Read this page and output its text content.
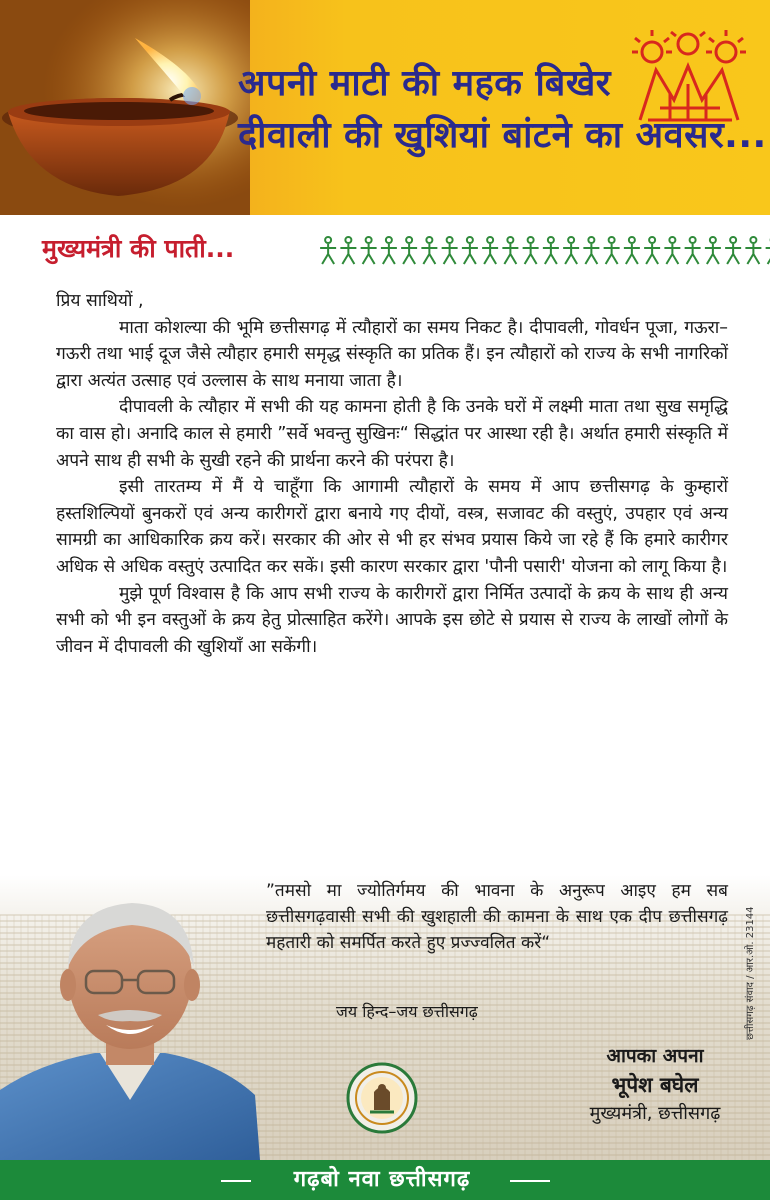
अपनी माटी की महक बिखेर
दीवाली की खुशियां बांटने का अवसर...
मुख्यमंत्री की पाती...

प्रिय साथियों ,

माता कोशल्या की भूमि छत्तीसगढ़ में त्यौहारों का समय निकट है। दीपावली, गोवर्धन पूजा, गऊरा–गऊरी तथा भाई दूज जैसे त्यौहार हमारी समृद्ध संस्कृति का प्रतिक हैं। इन त्यौहारों को राज्य के सभी नागरिकों द्वारा अत्यंत उत्साह एवं उल्लास के साथ मनाया जाता है।

दीपावली के त्यौहार में सभी की यह कामना होती है कि उनके घरों में लक्ष्मी माता तथा सुख समृद्धि का वास हो। अनादि काल से हमारी ”सर्वे भवन्तु सुखिनः“ सिद्धांत पर आस्था रही है। अर्थात हमारी संस्कृति में अपने साथ ही सभी के सुखी रहने की प्रार्थना करने की परंपरा है।

इसी तारतम्य में मैं ये चाहूँगा कि आगामी त्यौहारों के समय में आप छत्तीसगढ़ के कुम्हारों हस्तशिल्पियों बुनकरों एवं अन्य कारीगरों द्वारा बनाये गए दीयों, वस्त्र, सजावट की वस्तुएं, उपहार एवं अन्य सामग्री का आधिकारिक क्रय करें। सरकार की ओर से भी हर संभव प्रयास किये जा रहे हैं कि हमारे कारीगर अधिक से अधिक वस्तुएं उत्पादित कर सकें। इसी कारण सरकार द्वारा 'पौनी पसारी' योजना को लागू किया है।

मुझे पूर्ण विश्वास है कि आप सभी राज्य के कारीगरों द्वारा निर्मित उत्पादों के क्रय के साथ ही अन्य सभी को भी इन वस्तुओं के क्रय हेतु प्रोत्साहित करेंगे। आपके इस छोटे से प्रयास से राज्य के लाखों लोगों के जीवन में दीपावली की खुशियाँ आ सकेंगी।

”तमसो मा ज्योतिर्गमय की भावना के अनुरूप आइए हम सब छत्तीसगढ़वासी सभी की खुशहाली की कामना के साथ एक दीप छत्तीसगढ़ महतारी को समर्पित करते हुए प्रज्ज्वलित करें“
जय हिन्द–जय छत्तीसगढ़
आपका अपना
भूपेश बघेल
मुख्यमंत्री, छत्तीसगढ़
छत्तीसगढ़ संवाद / आर.ओ. 23144
गढ़बो नवा छत्तीसगढ़
